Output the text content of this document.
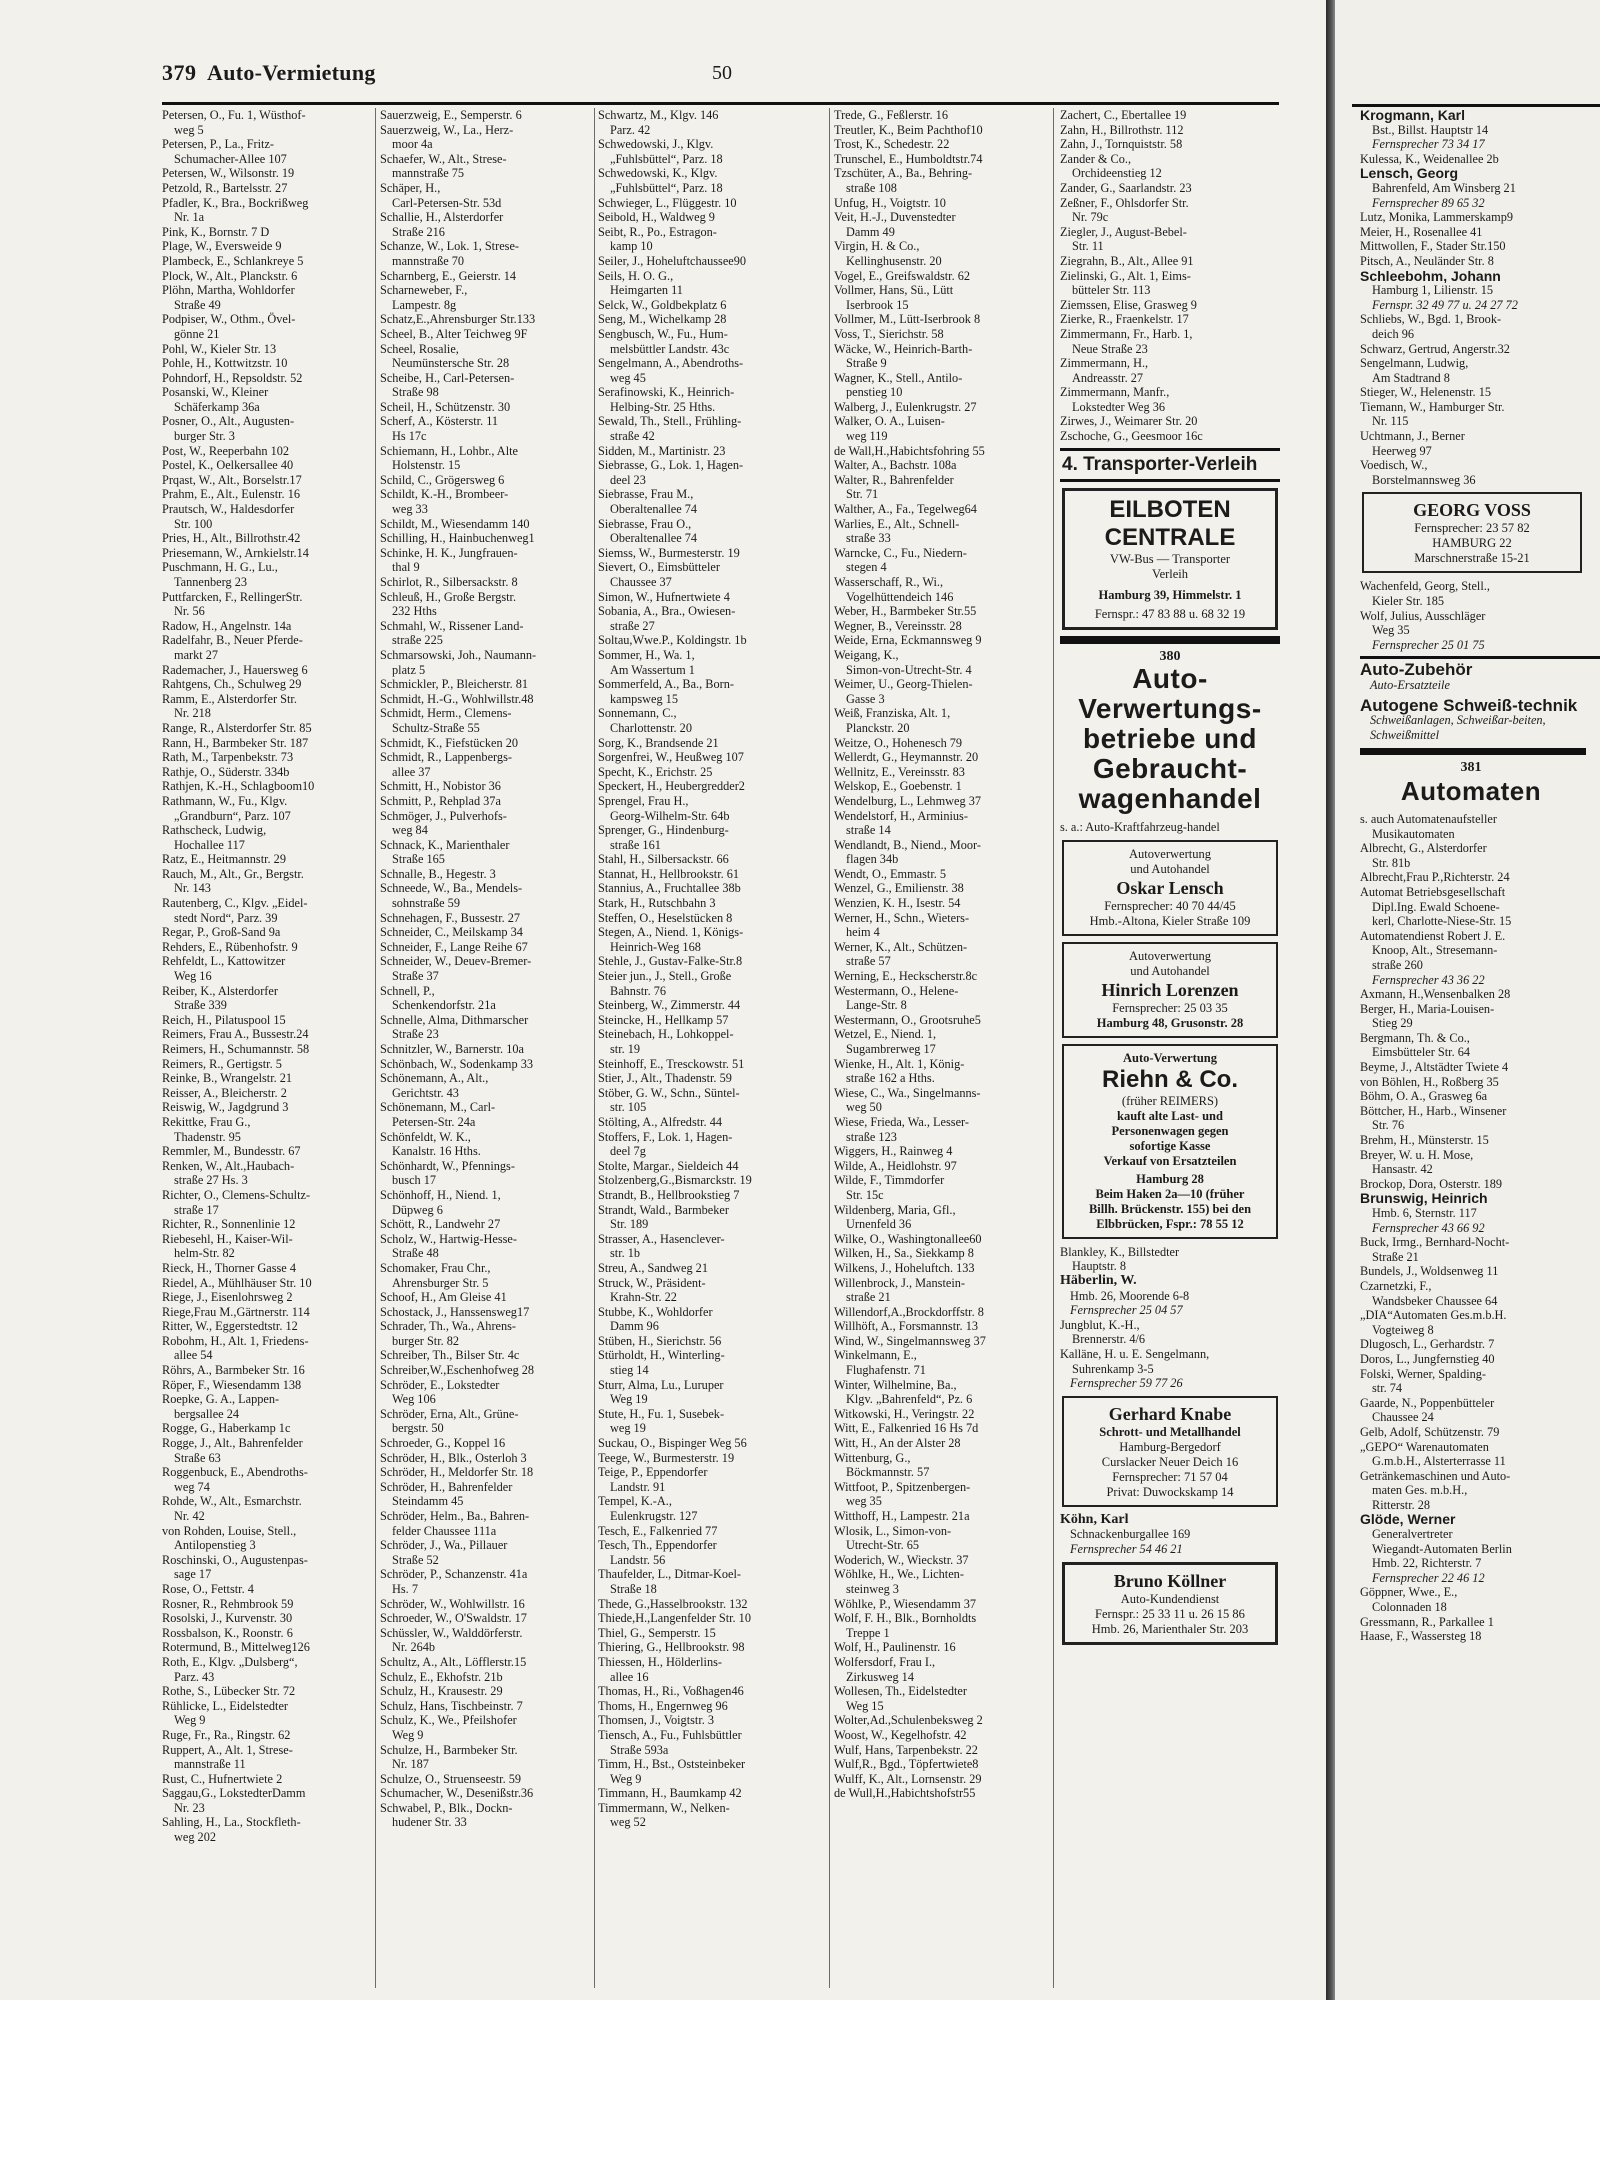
379 Auto-Vermietung	50
Petersen, O., Fu. 1, Wüsthof-
weg 5
Petersen, P., La., Fritz-
Schumacher-Allee 107
Petersen, W., Wilsonstr. 19
Petzold, R., Bartelsstr. 27
Pfadler, K., Bra., Bockrißweg
Nr. 1a
Pink, K., Bornstr. 7 D
Plage, W., Eversweide 9
Plambeck, E., Schlankreye 5
Plock, W., Alt., Planckstr. 6
Plöhn, Martha, Wohldorfer
Straße 49
Podpiser, W., Othm., Övel-
gönne 21
Pohl, W., Kieler Str. 13
Pohle, H., Kottwitzstr. 10
Pohndorf, H., Repsoldstr. 52
Posanski, W., Kleiner
Schäferkamp 36a
Posner, O., Alt., Augusten-
burger Str. 3
Post, W., Reeperbahn 102
Postel, K., Oelkersallee 40
Prqast, W., Alt., Borselstr.17
Prahm, E., Alt., Eulenstr. 16
Prautsch, W., Haldesdorfer
Str. 100
Pries, H., Alt., Billrothstr.42
Priesemann, W., Arnkielstr.14
Puschmann, H. G., Lu.,
Tannenberg 23
Puttfarcken, F., RellingerStr.
Nr. 56
Radow, H., Angelnstr. 14a
Radelfahr, B., Neuer Pferde-
markt 27
Rademacher, J., Hauersweg 6
Rahtgens, Ch., Schulweg 29
Ramm, E., Alsterdorfer Str.
Nr. 218
Range, R., Alsterdorfer Str. 85
Rann, H., Barmbeker Str. 187
Rath, M., Tarpenbekstr. 73
Rathje, O., Süderstr. 334b
Rathjen, K.-H., Schlagboom10
Rathmann, W., Fu., Klgv.
„Grandburn“, Parz. 107
Rathscheck, Ludwig,
Hochallee 117
Ratz, E., Heitmannstr. 29
Rauch, M., Alt., Gr., Bergstr.
Nr. 143
Rautenberg, C., Klgv. „Eidel-
stedt Nord“, Parz. 39
Regar, P., Groß-Sand 9a
Rehders, E., Rübenhofstr. 9
Rehfeldt, L., Kattowitzer
Weg 16
Reiber, K., Alsterdorfer
Straße 339
Reich, H., Pilatuspool 15
Reimers, Frau A., Bussestr.24
Reimers, H., Schumannstr. 58
Reimers, R., Gertigstr. 5
Reinke, B., Wrangelstr. 21
Reisser, A., Bleicherstr. 2
Reiswig, W., Jagdgrund 3
Rekittke, Frau G.,
Thadenstr. 95
Remmler, M., Bundesstr. 67
Renken, W., Alt.,Haubach-
straße 27 Hs. 3
Richter, O., Clemens-Schultz-
straße 17
Richter, R., Sonnenlinie 12
Riebesehl, H., Kaiser-Wil-
helm-Str. 82
Rieck, H., Thorner Gasse 4
Riedel, A., Mühlhäuser Str. 10
Riege, J., Eisenlohrsweg 2
Riege,Frau M.,Gärtnerstr. 114
Ritter, W., Eggerstedtstr. 12
Robohm, H., Alt. 1, Friedens-
allee 54
Röhrs, A., Barmbeker Str. 16
Röper, F., Wiesendamm 138
Roepke, G. A., Lappen-
bergsallee 24
Rogge, G., Haberkamp 1c
Rogge, J., Alt., Bahrenfelder
Straße 63
Roggenbuck, E., Abendroths-
weg 74
Rohde, W., Alt., Esmarchstr.
Nr. 42
von Rohden, Louise, Stell.,
Antilopenstieg 3
Roschinski, O., Augustenpas-
sage 17
Rose, O., Fettstr. 4
Rosner, R., Rehmbrook 59
Rosolski, J., Kurvenstr. 30
Rossbalson, K., Roonstr. 6
Rotermund, B., Mittelweg126
Roth, E., Klgv. „Dulsberg“,
Parz. 43
Rothe, S., Lübecker Str. 72
Rühlicke, L., Eidelstedter
Weg 9
Ruge, Fr., Ra., Ringstr. 62
Ruppert, A., Alt. 1, Strese-
mannstraße 11
Rust, C., Hufnertwiete 2
Saggau,G., LokstedterDamm
Nr. 23
Sahling, H., La., Stockfleth-
weg 202
Sauerzweig, E., Semperstr. 6
Sauerzweig, W., La., Herz-
moor 4a
Schaefer, W., Alt., Strese-
mannstraße 75
Schäper, H.,
Carl-Petersen-Str. 53d
Schallie, H., Alsterdorfer
Straße 216
Schanze, W., Lok. 1, Strese-
mannstraße 70
Scharnberg, E., Geierstr. 14
Scharneweber, F.,
Lampestr. 8g
Schatz,E.,Ahrensburger Str.133
Scheel, B., Alter Teichweg 9F
Scheel, Rosalie,
Neumünstersche Str. 28
Scheibe, H., Carl-Petersen-
Straße 98
Scheil, H., Schützenstr. 30
Scherf, A., Kösterstr. 11
Hs 17c
Schiemann, H., Lohbr., Alte
Holstenstr. 15
Schild, C., Grögersweg 6
Schildt, K.-H., Brombeer-
weg 33
Schildt, M., Wiesendamm 140
Schilling, H., Hainbuchenweg1
Schinke, H. K., Jungfrauen-
thal 9
Schirlot, R., Silbersackstr. 8
Schleuß, H., Große Bergstr.
232 Hths
Schmahl, W., Rissener Land-
straße 225
Schmarsowski, Joh., Naumann-
platz 5
Schmickler, P., Bleicherstr. 81
Schmidt, H.-G., Wohlwillstr.48
Schmidt, Herm., Clemens-
Schultz-Straße 55
Schmidt, K., Fiefstücken 20
Schmidt, R., Lappenbergs-
allee 37
Schmitt, H., Nobistor 36
Schmitt, P., Rehplad 37a
Schmöger, J., Pulverhofs-
weg 84
Schnack, K., Marienthaler
Straße 165
Schnalle, B., Hegestr. 3
Schneede, W., Ba., Mendels-
sohnstraße 59
Schnehagen, F., Bussestr. 27
Schneider, C., Meilskamp 34
Schneider, F., Lange Reihe 67
Schneider, W., Deuev-Bremer-
Straße 37
Schnell, P.,
Schenkendorfstr. 21a
Schnelle, Alma, Dithmarscher
Straße 23
Schnitzler, W., Barnerstr. 10a
Schönbach, W., Sodenkamp 33
Schönemann, A., Alt.,
Gerichtstr. 43
Schönemann, M., Carl-
Petersen-Str. 24a
Schönfeldt, W. K.,
Kanalstr. 16 Hths.
Schönhardt, W., Pfennings-
busch 17
Schönhoff, H., Niend. 1,
Düpweg 6
Schött, R., Landwehr 27
Scholz, W., Hartwig-Hesse-
Straße 48
Schomaker, Frau Chr.,
Ahrensburger Str. 5
Schoof, H., Am Gleise 41
Schostack, J., Hanssensweg17
Schrader, Th., Wa., Ahrens-
burger Str. 82
Schreiber, Th., Bilser Str. 4c
Schreiber,W.,Eschenhofweg 28
Schröder, E., Lokstedter
Weg 106
Schröder, Erna, Alt., Grüne-
bergstr. 50
Schroeder, G., Koppel 16
Schröder, H., Blk., Osterloh 3
Schröder, H., Meldorfer Str. 18
Schröder, H., Bahrenfelder
Steindamm 45
Schröder, Helm., Ba., Bahren-
felder Chaussee 111a
Schröder, J., Wa., Pillauer
Straße 52
Schröder, P., Schanzenstr. 41a
Hs. 7
Schröder, W., Wohlwillstr. 16
Schroeder, W., O'Swaldstr. 17
Schüssler, W., Walddörferstr.
Nr. 264b
Schultz, A., Alt., Löfflerstr.15
Schulz, E., Ekhofstr. 21b
Schulz, H., Krausestr. 29
Schulz, Hans, Tischbeinstr. 7
Schulz, K., We., Pfeilshofer
Weg 9
Schulze, H., Barmbeker Str.
Nr. 187
Schulze, O., Struenseestr. 59
Schumacher, W., Desenißstr.36
Schwabel, P., Blk., Dockn-
hudener Str. 33
Schwartz, M., Klgv. 146
Parz. 42
Schwedowski, J., Klgv.
„Fuhlsbüttel“, Parz. 18
Schwedowski, K., Klgv.
„Fuhlsbüttel“, Parz. 18
Schwieger, L., Flüggestr. 10
Seibold, H., Waldweg 9
Seibt, R., Po., Estragon-
kamp 10
Seiler, J., Hoheluftchaussee90
Seils, H. O. G.,
Heimgarten 11
Selck, W., Goldbekplatz 6
Seng, M., Wichelkamp 28
Sengbusch, W., Fu., Hum-
melsbüttler Landstr. 43c
Sengelmann, A., Abendroths-
weg 45
Serafinowski, K., Heinrich-
Helbing-Str. 25 Hths.
Sewald, Th., Stell., Frühling-
straße 42
Sidden, M., Martinistr. 23
Siebrasse, G., Lok. 1, Hagen-
deel 23
Siebrasse, Frau M.,
Oberaltenallee 74
Siebrasse, Frau O.,
Oberaltenallee 74
Siemss, W., Burmesterstr. 19
Sievert, O., Eimsbütteler
Chaussee 37
Simon, W., Hufnertwiete 4
Sobania, A., Bra., Owiesen-
straße 27
Soltau,Wwe.P., Koldingstr. 1b
Sommer, H., Wa. 1,
Am Wassertum 1
Sommerfeld, A., Ba., Born-
kampsweg 15
Sonnemann, C.,
Charlottenstr. 20
Sorg, K., Brandsende 21
Sorgenfrei, W., Heußweg 107
Specht, K., Erichstr. 25
Speckert, H., Heubergredder2
Sprengel, Frau H.,
Georg-Wilhelm-Str. 64b
Sprenger, G., Hindenburg-
straße 161
Stahl, H., Silbersackstr. 66
Stannat, H., Hellbrookstr. 61
Stannius, A., Fruchtallee 38b
Stark, H., Rutschbahn 3
Steffen, O., Heselstücken 8
Stegen, A., Niend. 1, Königs-
Heinrich-Weg 168
Stehle, J., Gustav-Falke-Str.8
Steier jun., J., Stell., Große
Bahnstr. 76
Steinberg, W., Zimmerstr. 44
Steincke, H., Hellkamp 57
Steinebach, H., Lohkoppel-
str. 19
Steinhoff, E., Tresckowstr. 51
Stier, J., Alt., Thadenstr. 59
Stöber, G. W., Schn., Süntel-
str. 105
Stölting, A., Alfredstr. 44
Stoffers, F., Lok. 1, Hagen-
deel 7g
Stolte, Margar., Sieldeich 44
Stolzenberg,G.,Bismarckstr. 19
Strandt, B., Hellbrookstieg 7
Strandt, Wald., Barmbeker
Str. 189
Strasser, A., Hasenclever-
str. 1b
Streu, A., Sandweg 21
Struck, W., Präsident-
Krahn-Str. 22
Stubbe, K., Wohldorfer
Damm 96
Stüben, H., Sierichstr. 56
Stürholdt, H., Winterling-
stieg 14
Sturr, Alma, Lu., Luruper
Weg 19
Stute, H., Fu. 1, Susebek-
weg 19
Suckau, O., Bispinger Weg 56
Teege, W., Burmesterstr. 19
Teige, P., Eppendorfer
Landstr. 91
Tempel, K.-A.,
Eulenkrugstr. 127
Tesch, E., Falkenried 77
Tesch, Th., Eppendorfer
Landstr. 56
Thaufelder, L., Ditmar-Koel-
Straße 18
Thede, G.,Hasselbrookstr. 132
Thiede,H.,Langenfelder Str. 10
Thiel, G., Semperstr. 15
Thiering, G., Hellbrookstr. 98
Thiessen, H., Hölderlins-
allee 16
Thomas, H., Ri., Voßhagen46
Thoms, H., Engernweg 96
Thomsen, J., Voigtstr. 3
Tiensch, A., Fu., Fuhlsbüttler
Straße 593a
Timm, H., Bst., Oststeinbeker
Weg 9
Timmann, H., Baumkamp 42
Timmermann, W., Nelken-
weg 52
Trede, G., Feßlerstr. 16
Treutler, K., Beim Pachthof10
Trost, K., Schedestr. 22
Trunschel, E., Humboldtstr.74
Tzschüter, A., Ba., Behring-
straße 108
Unfug, H., Voigtstr. 10
Veit, H.-J., Duvenstedter
Damm 49
Virgin, H. & Co.,
Kellinghusenstr. 20
Vogel, E., Greifswaldstr. 62
Vollmer, Hans, Sü., Lütt
Iserbrook 15
Vollmer, M., Lütt-Iserbrook 8
Voss, T., Sierichstr. 58
Wäcke, W., Heinrich-Barth-
Straße 9
Wagner, K., Stell., Antilo-
penstieg 10
Walberg, J., Eulenkrugstr. 27
Walker, O. A., Luisen-
weg 119
de Wall,H.,Habichtsfohring 55
Walter, A., Bachstr. 108a
Walter, R., Bahrenfelder
Str. 71
Walther, A., Fa., Tegelweg64
Warlies, E., Alt., Schnell-
straße 33
Warncke, C., Fu., Niedern-
stegen 4
Wasserschaff, R., Wi.,
Vogelhüttendeich 146
Weber, H., Barmbeker Str.55
Wegner, B., Vereinsstr. 28
Weide, Erna, Eckmannsweg 9
Weigang, K.,
Simon-von-Utrecht-Str. 4
Weimer, U., Georg-Thielen-
Gasse 3
Weiß, Franziska, Alt. 1,
Planckstr. 20
Weitze, O., Hohenesch 79
Wellerdt, G., Heymannstr. 20
Wellnitz, E., Vereinsstr. 83
Welskop, E., Goebenstr. 1
Wendelburg, L., Lehmweg 37
Wendelstorf, H., Arminius-
straße 14
Wendlandt, B., Niend., Moor-
flagen 34b
Wendt, O., Emmastr. 5
Wenzel, G., Emilienstr. 38
Wenzien, K. H., Isestr. 54
Werner, H., Schn., Wieters-
heim 4
Werner, K., Alt., Schützen-
straße 57
Werning, E., Heckscherstr.8c
Westermann, O., Helene-
Lange-Str. 8
Westermann, O., Grootsruhe5
Wetzel, E., Niend. 1,
Sugambrerweg 17
Wienke, H., Alt. 1, König-
straße 162 a Hths.
Wiese, C., Wa., Singelmanns-
weg 50
Wiese, Frieda, Wa., Lesser-
straße 123
Wiggers, H., Rainweg 4
Wilde, A., Heidlohstr. 97
Wilde, F., Timmdorfer
Str. 15c
Wildenberg, Maria, Gfl.,
Urnenfeld 36
Wilke, O., Washingtonallee60
Wilken, H., Sa., Siekkamp 8
Wilkens, J., Hoheluftch. 133
Willenbrock, J., Manstein-
straße 21
Willendorf,A.,Brockdorffstr. 8
Willhöft, A., Forsmannstr. 13
Wind, W., Singelmannsweg 37
Winkelmann, E.,
Flughafenstr. 71
Winter, Wilhelmine, Ba.,
Klgv. „Bahrenfeld“, Pz. 6
Witkowski, H., Veringstr. 22
Witt, E., Falkenried 16 Hs 7d
Witt, H., An der Alster 28
Wittenburg, G.,
Böckmannstr. 57
Wittfoot, P., Spitzenbergen-
weg 35
Witthoff, H., Lampestr. 21a
Wlosik, L., Simon-von-
Utrecht-Str. 65
Woderich, W., Wieckstr. 37
Wöhlke, H., We., Lichten-
steinweg 3
Wöhlke, P., Wiesendamm 37
Wolf, F. H., Blk., Bornholdts
Treppe 1
Wolf, H., Paulinenstr. 16
Wolfersdorf, Frau I.,
Zirkusweg 14
Wollesen, Th., Eidelstedter
Weg 15
Wolter,Ad.,Schulenbeksweg 2
Woost, W., Kegelhofstr. 42
Wulf, Hans, Tarpenbekstr. 22
Wulf,R., Bgd., Töpfertwiete8
Wulff, K., Alt., Lornsenstr. 29
de Wull,H.,Habichtshofstr55
Zachert, C., Ebertallee 19
Zahn, H., Billrothstr. 112
Zahn, J., Tornquiststr. 58
Zander & Co.,
Orchideenstieg 12
Zander, G., Saarlandstr. 23
Zeßner, F., Ohlsdorfer Str.
Nr. 79c
Ziegler, J., August-Bebel-
Str. 11
Ziegrahn, B., Alt., Allee 91
Zielinski, G., Alt. 1, Eims-
bütteler Str. 113
Ziemssen, Elise, Grasweg 9
Zierke, R., Fraenkelstr. 17
Zimmermann, Fr., Harb. 1,
Neue Straße 23
Zimmermann, H.,
Andreasstr. 27
Zimmermann, Manfr.,
Lokstedter Weg 36
Zirwes, J., Weimarer Str. 20
Zschoche, G., Geesmoor 16c
4. Transporter-Verleih
EILBOTEN
CENTRALE
VW-Bus — Transporter
Verleih
Hamburg 39, Himmelstr. 1
Fernspr.: 47 83 88 u. 68 32 19
380
Auto-Verwertungs-betriebe und Gebraucht-wagenhandel
s. a.: Auto-Kraftfahrzeug-handel
Autoverwertung
und Autohandel
Oskar Lensch
Fernsprecher: 40 70 44/45
Hmb.-Altona, Kieler Straße 109
Autoverwertung
und Autohandel
Hinrich Lorenzen
Fernsprecher: 25 03 35
Hamburg 48, Grusonstr. 28
Auto-Verwertung
Riehn & Co.
(früher REIMERS)
kauft alte Last- und
Personenwagen gegen
sofortige Kasse
Verkauf von Ersatzteilen
Hamburg 28
Beim Haken 2a—10 (früher
Billh. Brückenstr. 155) bei den
Elbbrücken, Fspr.: 78 55 12
Blankley, K., Billstedter
Hauptstr. 8
Häberlin, W.
Hmb. 26, Moorende 6-8
Fernsprecher 25 04 57
Jungblut, K.-H.,
Brennerstr. 4/6
Kalläne, H. u. E. Sengelmann,
Suhrenkamp 3-5
Fernsprecher 59 77 26
Gerhard Knabe
Schrott- und Metallhandel
Hamburg-Bergedorf
Curslacker Neuer Deich 16
Fernsprecher: 71 57 04
Privat: Duwockskamp 14
Köhn, Karl
Schnackenburgallee 169
Fernsprecher 54 46 21
Bruno Köllner
Auto-Kundendienst
Fernspr.: 25 33 11 u. 26 15 86
Hmb. 26, Marienthaler Str. 203
Krogmann, Karl
Bst., Billst. Hauptstr 14
Fernsprecher 73 34 17
Kulessa, K., Weidenallee 2b
Lensch, Georg
Bahrenfeld, Am Winsberg 21
Fernsprecher 89 65 32
Lutz, Monika, Lammerskamp9
Meier, H., Rosenallee 41
Mittwollen, F., Stader Str.150
Pitsch, A., Neuländer Str. 8
Schleebohm, Johann
Hamburg 1, Lilienstr. 15
Fernspr. 32 49 77 u. 24 27 72
Schliebs, W., Bgd. 1, Brook-
deich 96
Schwarz, Gertrud, Angerstr.32
Sengelmann, Ludwig,
Am Stadtrand 8
Stieger, W., Helenenstr. 15
Tiemann, W., Hamburger Str.
Nr. 115
Uchtmann, J., Berner
Heerweg 97
Voedisch, W.,
Borstelmannsweg 36
GEORG VOSS
Fernsprecher: 23 57 82
HAMBURG 22
Marschnerstraße 15-21
Wachenfeld, Georg, Stell.,
Kieler Str. 185
Wolf, Julius, Ausschläger
Weg 35
Fernsprecher 25 01 75
Auto-Zubehör
Auto-Ersatzteile
Autogene Schweiß-technik
Schweißanlagen, Schweißar-beiten, Schweißmittel
381
Automaten
s. auch Automatenaufsteller
Musikautomaten
Albrecht, G., Alsterdorfer
Str. 81b
Albrecht,Frau P.,Richterstr. 24
Automat Betriebsgesellschaft
Dipl.Ing. Ewald Schoene-
kerl, Charlotte-Niese-Str. 15
Automatendienst Robert J. E.
Knoop, Alt., Stresemann-
straße 260
Fernsprecher 43 36 22
Axmann, H.,Wensenbalken 28
Berger, H., Maria-Louisen-
Stieg 29
Bergmann, Th. & Co.,
Eimsbütteler Str. 64
Beyme, J., Altstädter Twiete 4
von Böhlen, H., Roßberg 35
Böhm, O. A., Grasweg 6a
Böttcher, H., Harb., Winsener
Str. 76
Brehm, H., Münsterstr. 15
Breyer, W. u. H. Mose,
Hansastr. 42
Brockop, Dora, Osterstr. 189
Brunswig, Heinrich
Hmb. 6, Sternstr. 117
Fernsprecher 43 66 92
Buck, Irmg., Bernhard-Nocht-
Straße 21
Bundels, J., Woldsenweg 11
Czarnetzki, F.,
Wandsbeker Chaussee 64
„DIA“Automaten Ges.m.b.H.
Vogteiweg 8
Dlugosch, L., Gerhardstr. 7
Doros, L., Jungfernstieg 40
Folski, Werner, Spalding-
str. 74
Gaarde, N., Poppenbütteler
Chaussee 24
Gelb, Adolf, Schützenstr. 79
„GEPO“ Warenautomaten
G.m.b.H., Alsterterrasse 11
Getränkemaschinen und Auto-
maten Ges. m.b.H.,
Ritterstr. 28
Glöde, Werner
Generalvertreter
Wiegandt-Automaten Berlin
Hmb. 22, Richterstr. 7
Fernsprecher 22 46 12
Göppner, Wwe., E.,
Colonnaden 18
Gressmann, R., Parkallee 1
Haase, F., Wassersteg 18
